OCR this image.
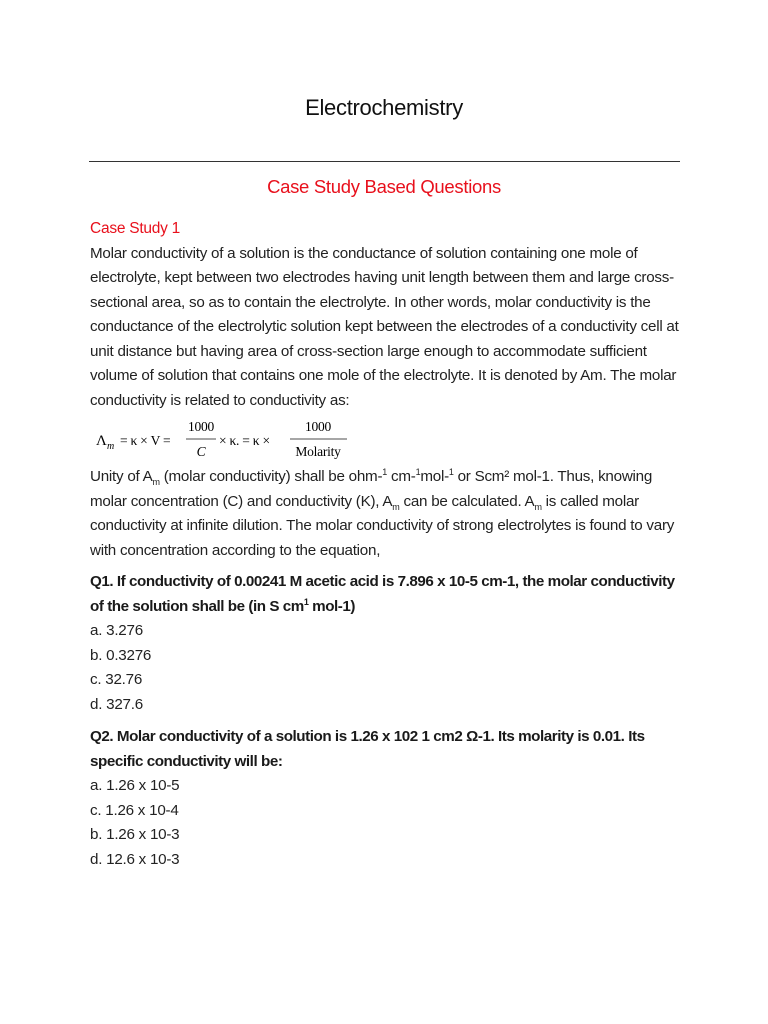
Electrochemistry
Case Study Based Questions
Case Study 1

Molar conductivity of a solution is the conductance of solution containing one mole of electrolyte, kept between two electrodes having unit length between them and large cross-sectional area, so as to contain the electrolyte. In other words, molar conductivity is the conductance of the electrolytic solution kept between the electrodes of a conductivity cell at unit distance but having area of cross-section large enough to accommodate sufficient volume of solution that contains one mole of the electrolyte. It is denoted by Am. The molar conductivity is related to conductivity as:

Λ m = κ × V =
1000
C
× κ. = κ ×
1000
Molarity

Unity of $A_m$ (molar conductivity) shall be ohm-$^1$ cm-$^1$mol-$^1$ or Scm² mol-1. Thus, knowing molar concentration (C) and conductivity (K), $A_m$ can be calculated. $A_m$ is called molar conductivity at infinite dilution. The molar conductivity of strong electrolytes is found to vary with concentration according to the equation,

Q1. If conductivity of 0.00241 M acetic acid is 7.896 x 10-5 cm-1, the molar conductivity of the solution shall be (in S $cm^1$ mol-1)

a. 3.276

b. 0.3276

c. 32.76

d. 327.6

Q2. Molar conductivity of a solution is 1.26 x 102 1 cm2 Ω-1. Its molarity is 0.01. Its specific conductivity will be:

a. 1.26 x 10-5

c. 1.26 x 10-4

b. 1.26 x 10-3

d. 12.6 x 10-3
